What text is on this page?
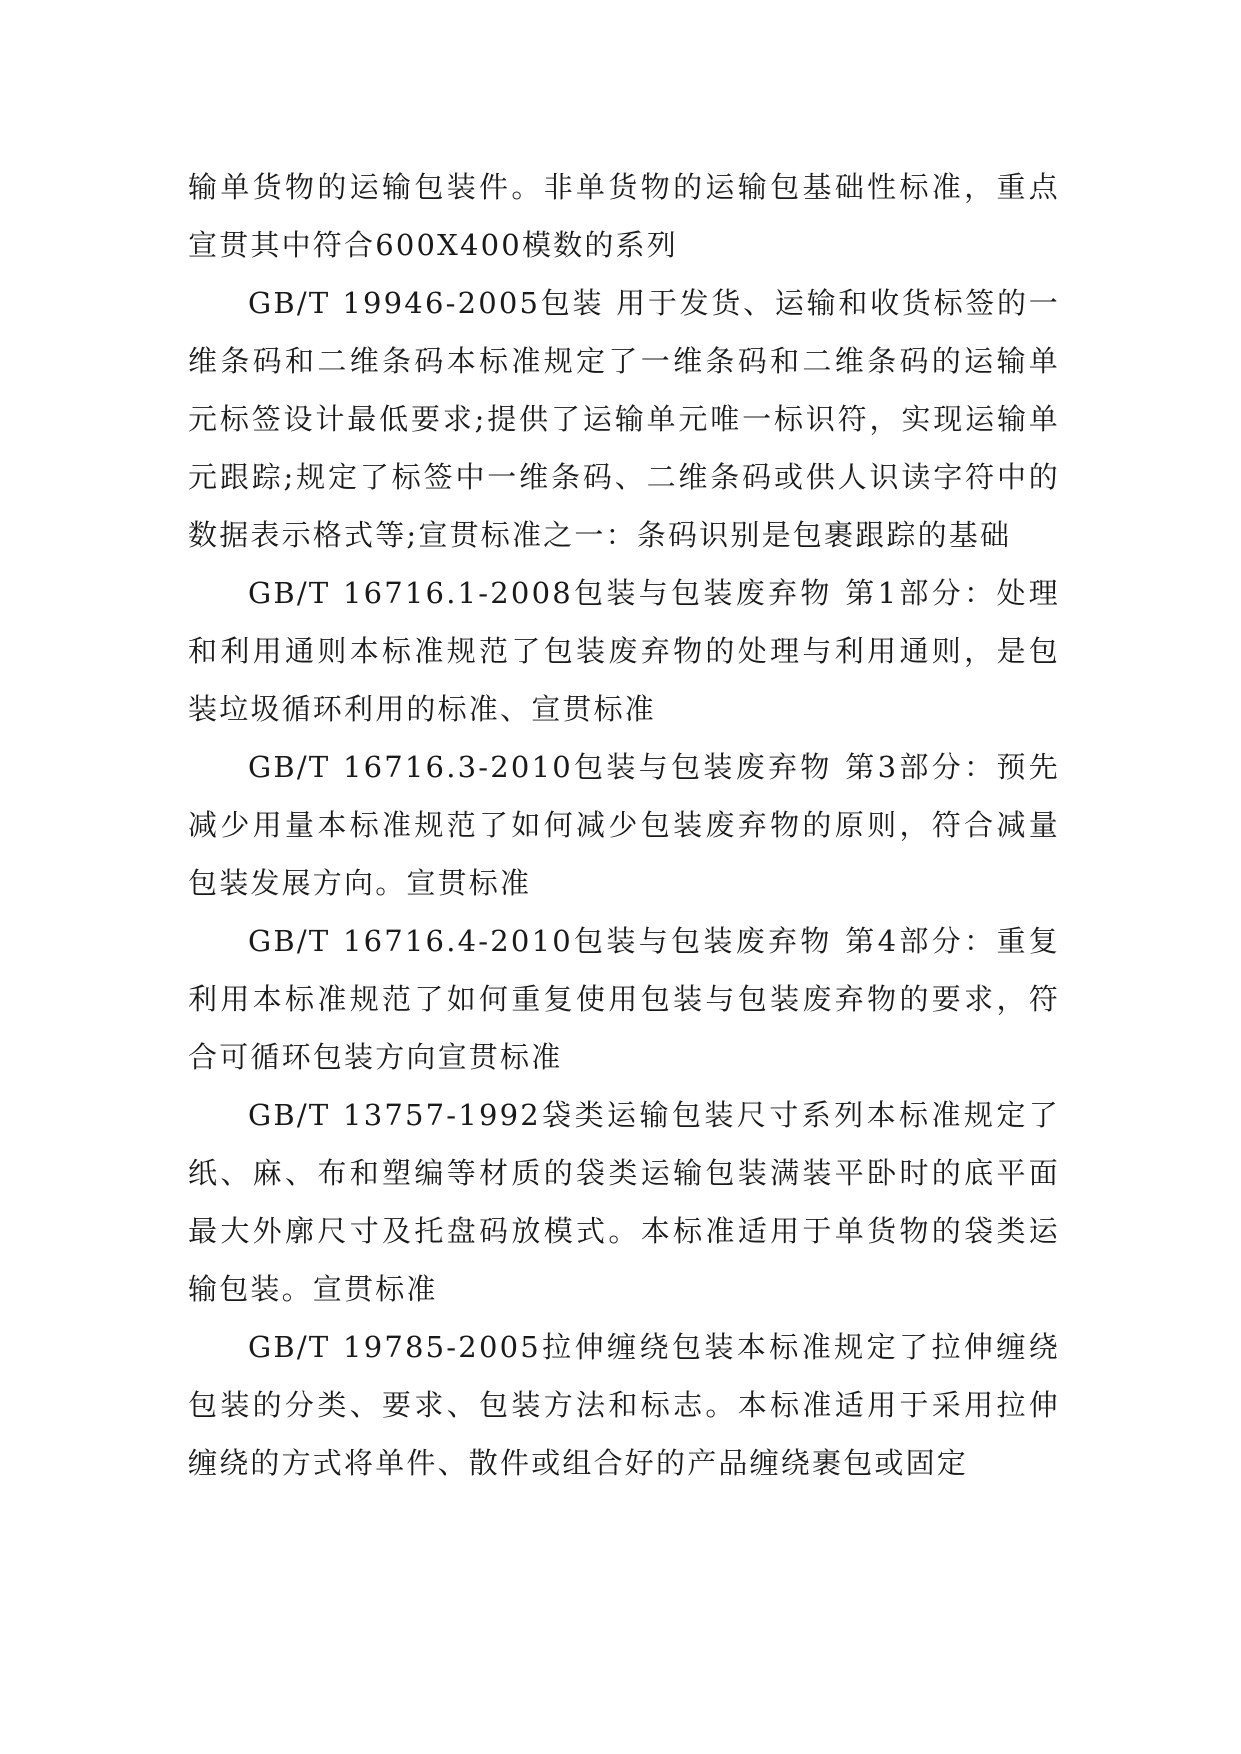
输单货物的运输包装件。非单货物的运输包基础性标准，重点宣贯其中符合600X400模数的系列

GB/T 19946-2005包装 用于发货、运输和收货标签的一维条码和二维条码本标准规定了一维条码和二维条码的运输单元标签设计最低要求;提供了运输单元唯一标识符，实现运输单元跟踪;规定了标签中一维条码、二维条码或供人识读字符中的数据表示格式等;宣贯标准之一：条码识别是包裹跟踪的基础

GB/T 16716.1-2008包装与包装废弃物 第1部分：处理和利用通则本标准规范了包装废弃物的处理与利用通则，是包装垃圾循环利用的标准、宣贯标准

GB/T 16716.3-2010包装与包装废弃物 第3部分：预先减少用量本标准规范了如何减少包装废弃物的原则，符合减量包装发展方向。宣贯标准

GB/T 16716.4-2010包装与包装废弃物 第4部分：重复利用本标准规范了如何重复使用包装与包装废弃物的要求，符合可循环包装方向宣贯标准

GB/T 13757-1992袋类运输包装尺寸系列本标准规定了纸、麻、布和塑编等材质的袋类运输包装满装平卧时的底平面最大外廓尺寸及托盘码放模式。本标准适用于单货物的袋类运输包装。宣贯标准

GB/T 19785-2005拉伸缠绕包装本标准规定了拉伸缠绕包装的分类、要求、包装方法和标志。本标准适用于采用拉伸缠绕的方式将单件、散件或组合好的产品缠绕裹包或固定
